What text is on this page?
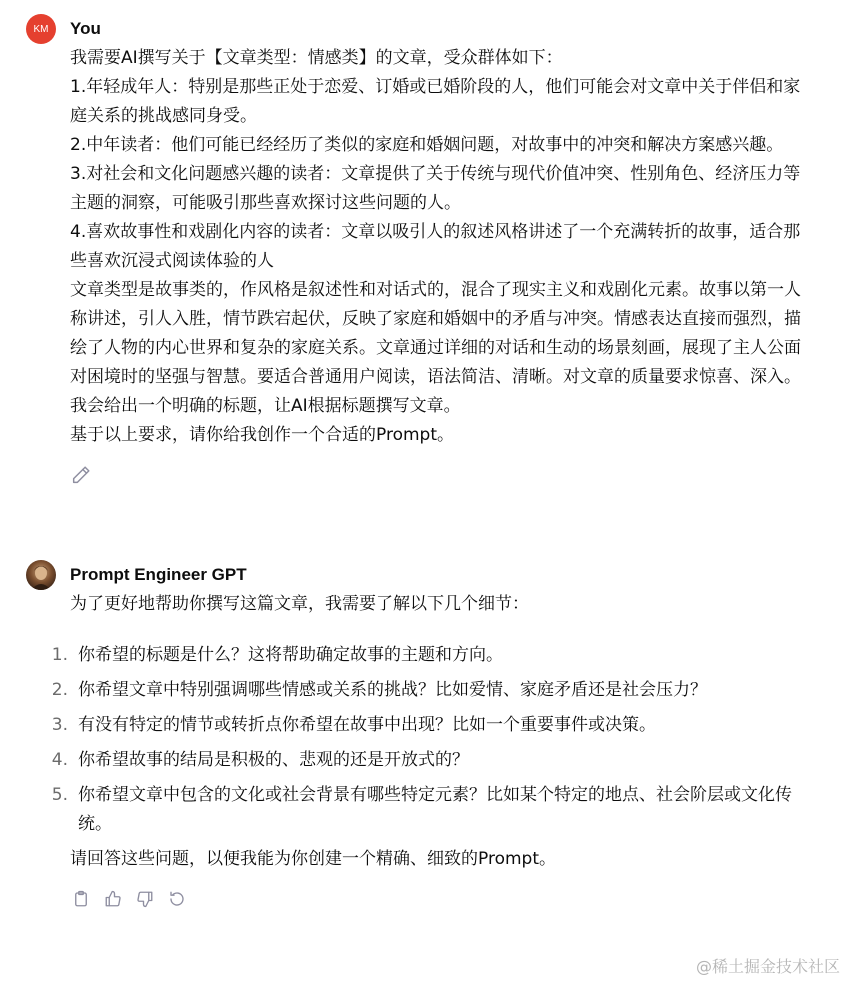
KM You

我需要AI撰写关于【文章类型：情感类】的文章，受众群体如下：

1.年轻成年人：特别是那些正处于恋爱、订婚或已婚阶段的人，他们可能会对文章中关于伴侣和家庭关系的挑战感同身受。

2.中年读者：他们可能已经经历了类似的家庭和婚姻问题，对故事中的冲突和解决方案感兴趣。

3.对社会和文化问题感兴趣的读者：文章提供了关于传统与现代价值冲突、性别角色、经济压力等主题的洞察，可能吸引那些喜欢探讨这些问题的人。

4.喜欢故事性和戏剧化内容的读者：文章以吸引人的叙述风格讲述了一个充满转折的故事，适合那些喜欢沉浸式阅读体验的人

文章类型是故事类的，作风格是叙述性和对话式的，混合了现实主义和戏剧化元素。故事以第一人称讲述，引人入胜，情节跌宕起伏，反映了家庭和婚姻中的矛盾与冲突。情感表达直接而强烈，描绘了人物的内心世界和复杂的家庭关系。文章通过详细的对话和生动的场景刻画，展现了主人公面对困境时的坚强与智慧。要适合普通用户阅读，语法简洁、清晰。对文章的质量要求惊喜、深入。我会给出一个明确的标题，让AI根据标题撰写文章。

基于以上要求，请你给我创作一个合适的Prompt。

Prompt Engineer GPT

为了更好地帮助你撰写这篇文章，我需要了解以下几个细节：

1. 你希望的标题是什么？这将帮助确定故事的主题和方向。
2. 你希望文章中特别强调哪些情感或关系的挑战？比如爱情、家庭矛盾还是社会压力？
3. 有没有特定的情节或转折点你希望在故事中出现？比如一个重要事件或决策。
4. 你希望故事的结局是积极的、悲观的还是开放式的？
5. 你希望文章中包含的文化或社会背景有哪些特定元素？比如某个特定的地点、社会阶层或文化传统。

请回答这些问题，以便我能为你创建一个精确、细致的Prompt。

@稀土掘金技术社区
